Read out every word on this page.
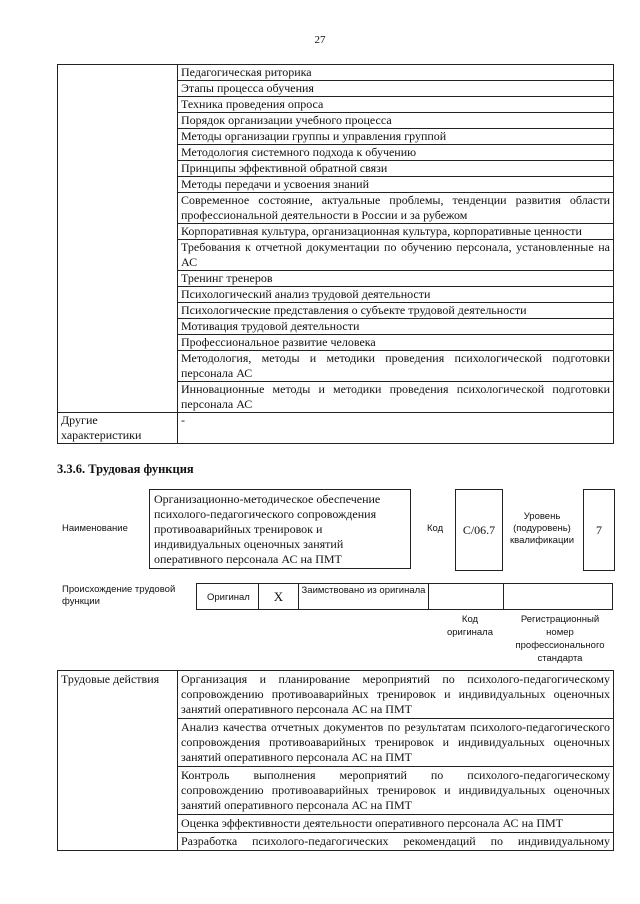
27
	Педагогическая риторика
	Этапы процесса обучения
	Техника проведения опроса
	Порядок организации учебного процесса
	Методы организации группы и управления группой
	Методология системного подхода к обучению
	Принципы эффективной обратной связи
	Методы передачи и усвоения знаний
	Современное состояние, актуальные проблемы, тенденции развития области профессиональной деятельности в России и за рубежом
	Корпоративная культура, организационная культура, корпоративные ценности
	Требования к отчетной документации по обучению персонала, установленные на АС
	Тренинг тренеров
	Психологический анализ трудовой деятельности
	Психологические представления о субъекте трудовой деятельности
	Мотивация трудовой деятельности
	Профессиональное развитие человека
	Методология, методы и методики проведения психологической подготовки персонала АС
	Инновационные методы и методики проведения психологической подготовки персонала АС
Другие характеристики	-
3.3.6. Трудовая функция
Наименование
Организационно-методическое обеспечение психолого-педагогического сопровождения противоаварийных тренировок и индивидуальных оценочных занятий оперативного персонала АС на ПМТ
Код	С/06.7
Уровень (подуровень) квалификации
7
Происхождение трудовой функции	Оригинал	X	Заимствовано из оригинала
Код оригинала
Регистрационный номер профессионального стандарта
Трудовые действия	Организация и планирование мероприятий по психолого-педагогическому сопровождению противоаварийных тренировок и индивидуальных оценочных занятий оперативного персонала АС на ПМТ
Анализ качества отчетных документов по результатам психолого-педагогического сопровождения противоаварийных тренировок и индивидуальных оценочных занятий оперативного персонала АС на ПМТ
Контроль выполнения мероприятий по психолого-педагогическому сопровождению противоаварийных тренировок и индивидуальных оценочных занятий оперативного персонала АС на ПМТ
Оценка эффективности деятельности оперативного персонала АС на ПМТ
Разработка психолого-педагогических рекомендаций по индивидуальному
